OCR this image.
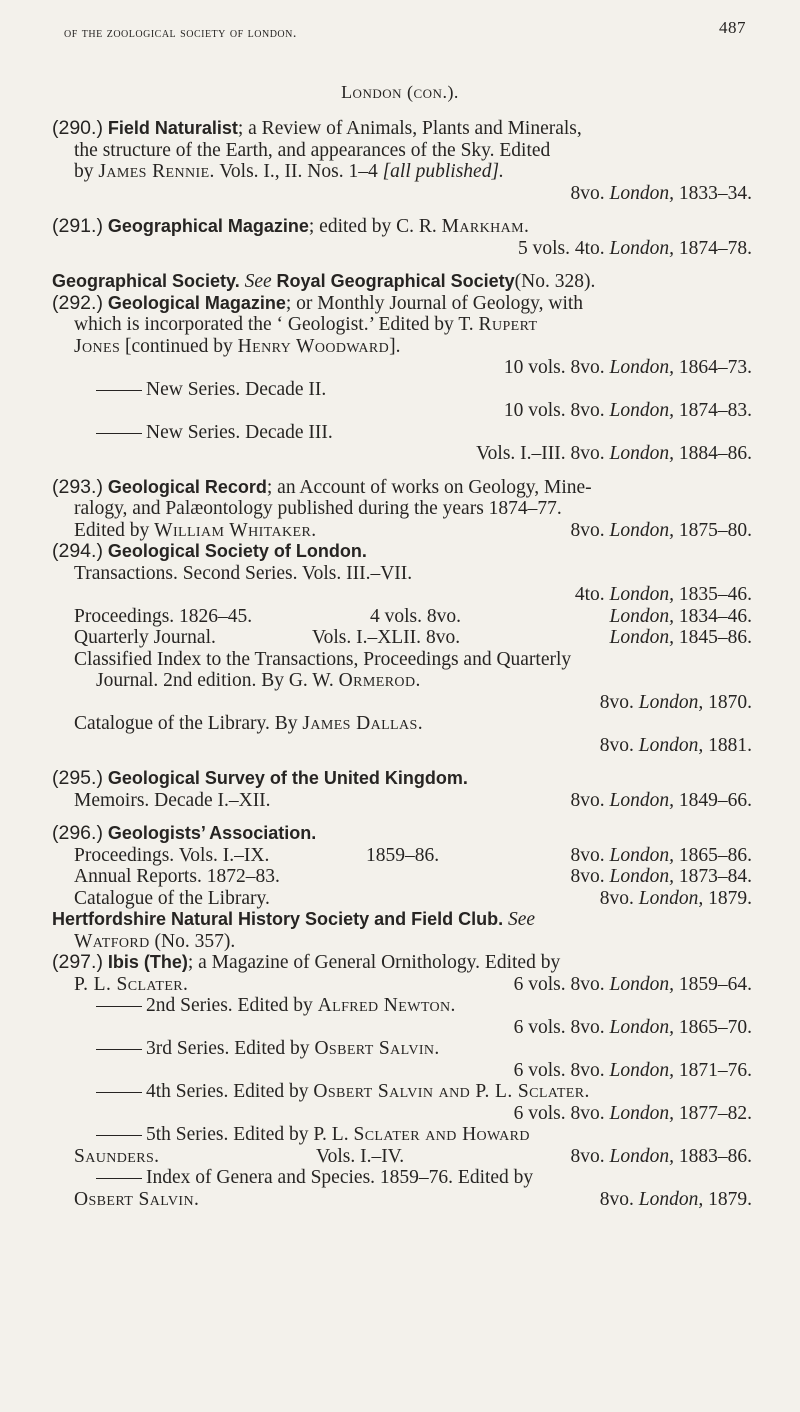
of the zoological society of london.	487
London (con.).
(290.) Field Naturalist; a Review of Animals, Plants and Minerals,
the structure of the Earth, and appearances of the Sky. Edited
by James Rennie. Vols. I., II. Nos. 1–4 [all published].
8vo. London, 1833–34.
(291.) Geographical Magazine; edited by C. R. Markham.
5 vols. 4to. London, 1874–78.
Geographical Society. See Royal Geographical Society(No. 328).
(292.) Geological Magazine; or Monthly Journal of Geology, with
which is incorporated the ‘ Geologist.’ Edited by T. Rupert
Jones [continued by Henry Woodward].
10 vols. 8vo. London, 1864–73.
New Series. Decade II.
10 vols. 8vo. London, 1874–83.
New Series. Decade III.
Vols. I.–III. 8vo. London, 1884–86.
(293.) Geological Record; an Account of works on Geology, Mine-
ralogy, and Palæontology published during the years 1874–77.
Edited by William Whitaker.	8vo. London, 1875–80.
(294.) Geological Society of London.
Transactions. Second Series. Vols. III.–VII.
4to. London, 1835–46.
Proceedings. 1826–45.	4 vols. 8vo.	London, 1834–46.
Quarterly Journal.	Vols. I.–XLII. 8vo.	London, 1845–86.
Classified Index to the Transactions, Proceedings and Quarterly
Journal. 2nd edition. By G. W. Ormerod.
8vo. London, 1870.
Catalogue of the Library. By James Dallas.
8vo. London, 1881.
(295.) Geological Survey of the United Kingdom.
Memoirs. Decade I.–XII.	8vo. London, 1849–66.
(296.) Geologists’ Association.
Proceedings. Vols. I.–IX.	1859–86.	8vo. London, 1865–86.
Annual Reports. 1872–83.	8vo. London, 1873–84.
Catalogue of the Library.	8vo. London, 1879.
Hertfordshire Natural History Society and Field Club. See
Watford (No. 357).
(297.) Ibis (The); a Magazine of General Ornithology. Edited by
P. L. Sclater.	6 vols. 8vo. London, 1859–64.
2nd Series. Edited by Alfred Newton.
6 vols. 8vo. London, 1865–70.
3rd Series. Edited by Osbert Salvin.
6 vols. 8vo. London, 1871–76.
4th Series. Edited by Osbert Salvin and P. L. Sclater.
6 vols. 8vo. London, 1877–82.
5th Series. Edited by P. L. Sclater and Howard
Saunders.	Vols. I.–IV.	8vo. London, 1883–86.
Index of Genera and Species. 1859–76. Edited by
Osbert Salvin.	8vo. London, 1879.
